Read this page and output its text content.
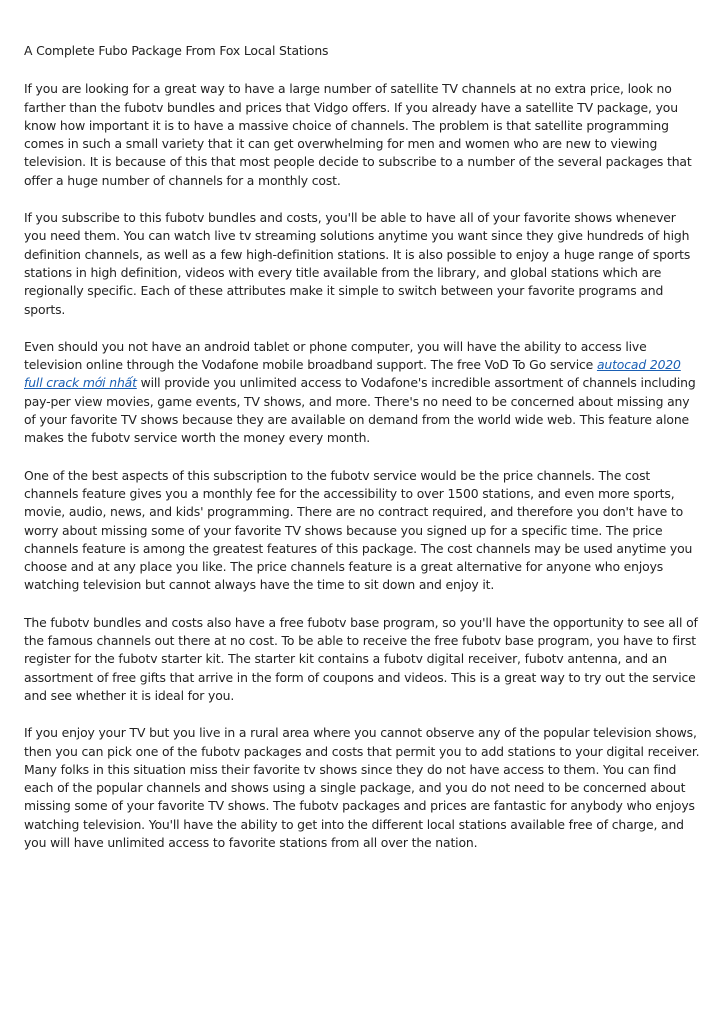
A Complete Fubo Package From Fox Local Stations

If you are looking for a great way to have a large number of satellite TV channels at no extra price, look no farther than the fubotv bundles and prices that Vidgo offers. If you already have a satellite TV package, you know how important it is to have a massive choice of channels. The problem is that satellite programming comes in such a small variety that it can get overwhelming for men and women who are new to viewing television. It is because of this that most people decide to subscribe to a number of the several packages that offer a huge number of channels for a monthly cost.

If you subscribe to this fubotv bundles and costs, you'll be able to have all of your favorite shows whenever you need them. You can watch live tv streaming solutions anytime you want since they give hundreds of high definition channels, as well as a few high-definition stations. It is also possible to enjoy a huge range of sports stations in high definition, videos with every title available from the library, and global stations which are regionally specific. Each of these attributes make it simple to switch between your favorite programs and sports.

Even should you not have an android tablet or phone computer, you will have the ability to access live television online through the Vodafone mobile broadband support. The free VoD To Go service autocad 2020 full crack mới nhất will provide you unlimited access to Vodafone's incredible assortment of channels including pay-per view movies, game events, TV shows, and more. There's no need to be concerned about missing any of your favorite TV shows because they are available on demand from the world wide web. This feature alone makes the fubotv service worth the money every month.

One of the best aspects of this subscription to the fubotv service would be the price channels. The cost channels feature gives you a monthly fee for the accessibility to over 1500 stations, and even more sports, movie, audio, news, and kids' programming. There are no contract required, and therefore you don't have to worry about missing some of your favorite TV shows because you signed up for a specific time. The price channels feature is among the greatest features of this package. The cost channels may be used anytime you choose and at any place you like. The price channels feature is a great alternative for anyone who enjoys watching television but cannot always have the time to sit down and enjoy it.

The fubotv bundles and costs also have a free fubotv base program, so you'll have the opportunity to see all of the famous channels out there at no cost. To be able to receive the free fubotv base program, you have to first register for the fubotv starter kit. The starter kit contains a fubotv digital receiver, fubotv antenna, and an assortment of free gifts that arrive in the form of coupons and videos. This is a great way to try out the service and see whether it is ideal for you.

If you enjoy your TV but you live in a rural area where you cannot observe any of the popular television shows, then you can pick one of the fubotv packages and costs that permit you to add stations to your digital receiver. Many folks in this situation miss their favorite tv shows since they do not have access to them. You can find each of the popular channels and shows using a single package, and you do not need to be concerned about missing some of your favorite TV shows. The fubotv packages and prices are fantastic for anybody who enjoys watching television. You'll have the ability to get into the different local stations available free of charge, and you will have unlimited access to favorite stations from all over the nation.
